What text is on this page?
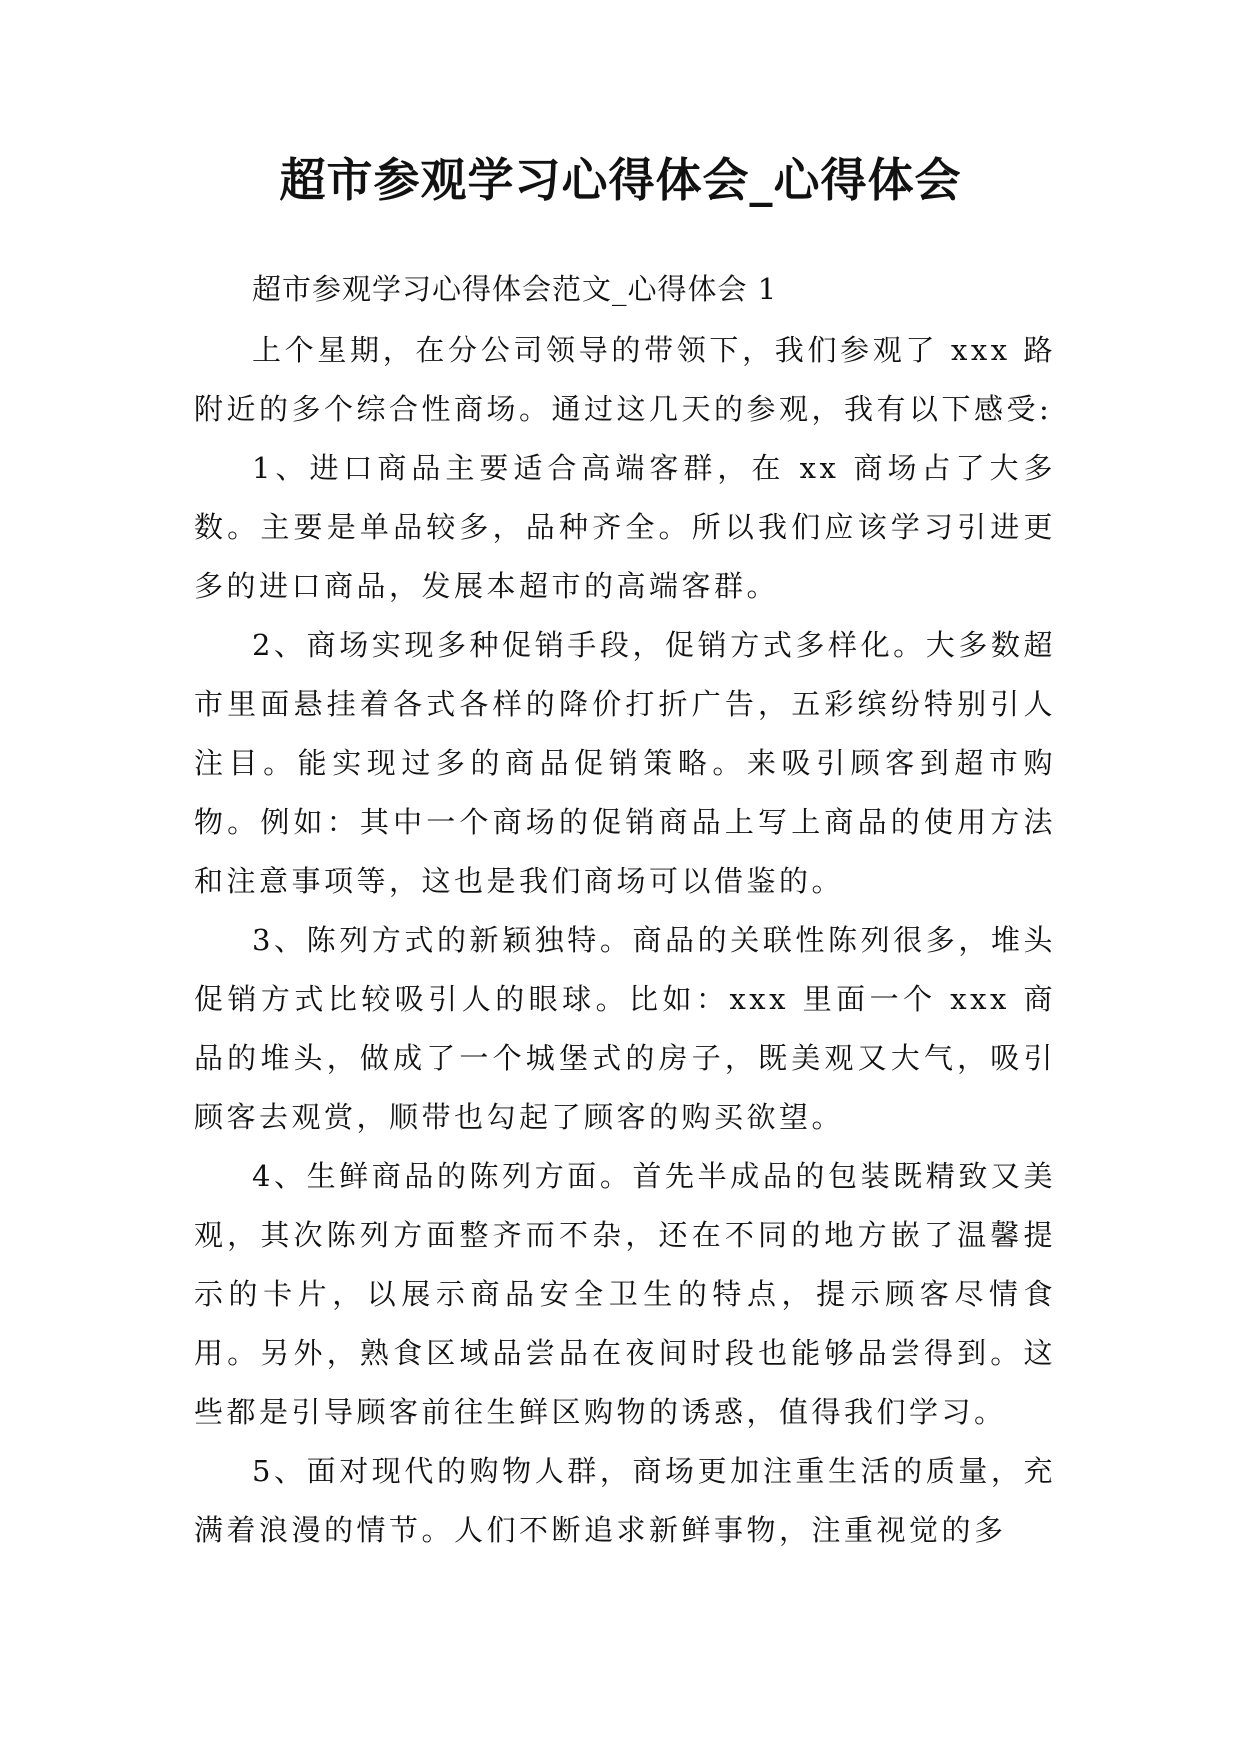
超市参观学习心得体会_心得体会

超市参观学习心得体会范文_心得体会 1

上个星期，在分公司领导的带领下，我们参观了 xxx 路附近的多个综合性商场。通过这几天的参观，我有以下感受:

1、进口商品主要适合高端客群，在 xx 商场占了大多数。主要是单品较多，品种齐全。所以我们应该学习引进更多的进口商品，发展本超市的高端客群。

2、商场实现多种促销手段，促销方式多样化。大多数超市里面悬挂着各式各样的降价打折广告，五彩缤纷特别引人注目。能实现过多的商品促销策略。来吸引顾客到超市购物。例如：其中一个商场的促销商品上写上商品的使用方法和注意事项等，这也是我们商场可以借鉴的。

3、陈列方式的新颖独特。商品的关联性陈列很多，堆头促销方式比较吸引人的眼球。比如：xxx 里面一个 xxx 商品的堆头，做成了一个城堡式的房子，既美观又大气，吸引顾客去观赏，顺带也勾起了顾客的购买欲望。

4、生鲜商品的陈列方面。首先半成品的包装既精致又美观，其次陈列方面整齐而不杂，还在不同的地方嵌了温馨提示的卡片，以展示商品安全卫生的特点，提示顾客尽情食用。另外，熟食区域品尝品在夜间时段也能够品尝得到。这些都是引导顾客前往生鲜区购物的诱惑，值得我们学习。

5、面对现代的购物人群，商场更加注重生活的质量，充满着浪漫的情节。人们不断追求新鲜事物，注重视觉的多
